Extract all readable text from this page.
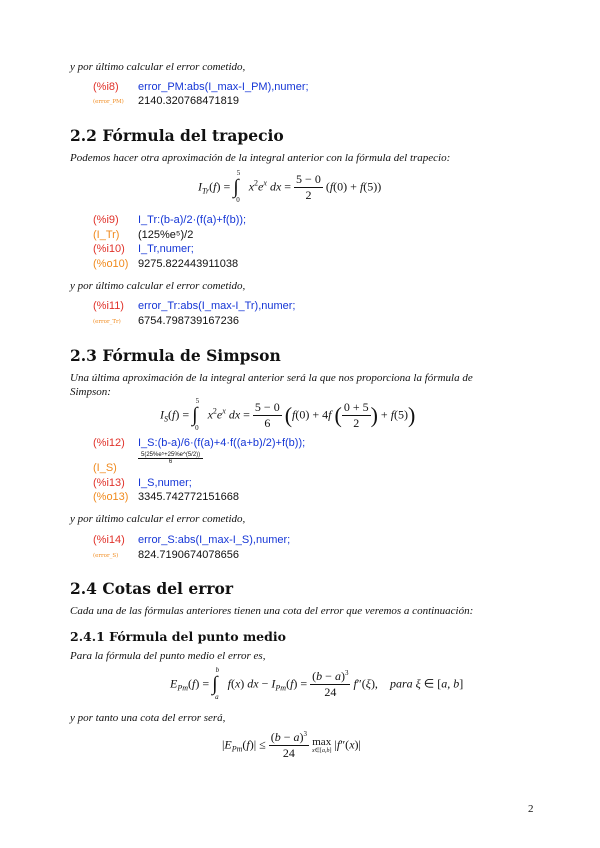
y por último calcular el error cometido,
(%i8) error_PM:abs(I_max-I_PM),numer;
(error_PM) 2140.320768471819
2.2 Fórmula del trapecio
Podemos hacer otra aproximación de la integral anterior con la fórmula del trapecio:
$I_{Tr}(f) = \int^5_0$ $x^2e^x$ dx = $\frac{5 - 0}{2} (f(0) + f(5))$
(%i9) I_Tr:(b-a)/2·(f(a)+f(b));
(I_Tr) (125%e⁵)/2
(%i10) I_Tr,numer;
(%o10) 9275.822443911038
y por último calcular el error cometido,
(%i11) error_Tr:abs(I_max-I_Tr),numer;
(error_Tr) 6754.798739167236
2.3 Fórmula de Simpson
Una última aproximación de la integral anterior será la que nos proporciona la fórmula de
Simpson:
$I_S(f) = \int^5_0$ $x^2e^x$ dx = $\frac{5 - 0}{6} (f(0) + 4f$ ( $\frac{0 + 5}{2}$ ) + f(5))
(%i12) I_S:(b-a)/6·(f(a)+4·f((a+b)/2)+f(b));
(I_S)
$\frac{\text{5(25\%e⁵+25\%e\textasciicircum{}(5/2))}}{6}$
(%i13) I_S,numer;
(%o13) 3345.742772151668
y por último calcular el error cometido,
(%i14) error_S:abs(I_max-I_S),numer;
(error_S) 824.7190674078656
2.4 Cotas del error
Cada una de las fórmulas anteriores tienen una cota del error que veremos a continuación:
2.4.1 Fórmula del punto medio
Para la fórmula del punto medio el error es,
$E_{Pm}(f) = \int^b_a$ f(x) dx − $I_{Pm}(f) = \frac{(b - a)^3}{24} f''(\xi)$,    para ξ ∈ [a, b]
y por tanto una cota del error será,
$|E_{Pm}(f)| \le \frac{(b - a)^3}{24}$
max
x∈[a,b] |f″(x)|
2
